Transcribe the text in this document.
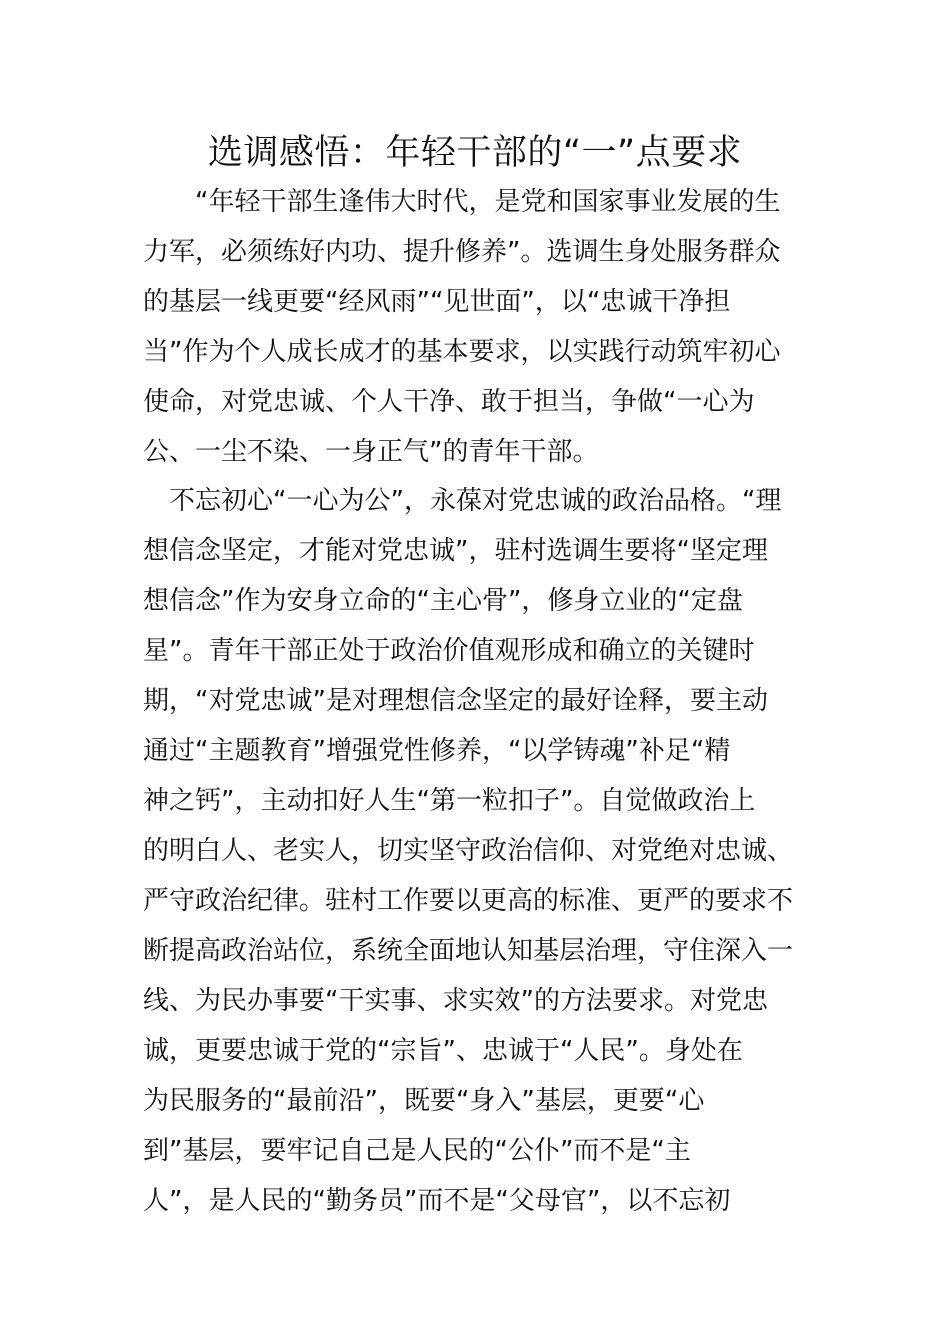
选调感悟：年轻干部的“一”点要求
　　“年轻干部生逢伟大时代，是党和国家事业发展的生
力军，必须练好内功、提升修养”。选调生身处服务群众
的基层一线更要“经风雨”“见世面”，以“忠诚干净担
当”作为个人成长成才的基本要求，以实践行动筑牢初心
使命，对党忠诚、个人干净、敢于担当，争做“一心为
公、一尘不染、一身正气”的青年干部。
　不忘初心“一心为公”，永葆对党忠诚的政治品格。“理
想信念坚定，才能对党忠诚”，驻村选调生要将“坚定理
想信念”作为安身立命的“主心骨”，修身立业的“定盘
星”。青年干部正处于政治价值观形成和确立的关键时
期，“对党忠诚”是对理想信念坚定的最好诠释，要主动
通过“主题教育”增强党性修养，“以学铸魂”补足“精
神之钙”，主动扣好人生“第一粒扣子”。自觉做政治上
的明白人、老实人，切实坚守政治信仰、对党绝对忠诚、
严守政治纪律。驻村工作要以更高的标准、更严的要求不
断提高政治站位，系统全面地认知基层治理，守住深入一
线、为民办事要“干实事、求实效”的方法要求。对党忠
诚，更要忠诚于党的“宗旨”、忠诚于“人民”。身处在
为民服务的“最前沿”，既要“身入”基层，更要“心
到”基层，要牢记自己是人民的“公仆”而不是“主
人”，是人民的“勤务员”而不是“父母官”，以不忘初
